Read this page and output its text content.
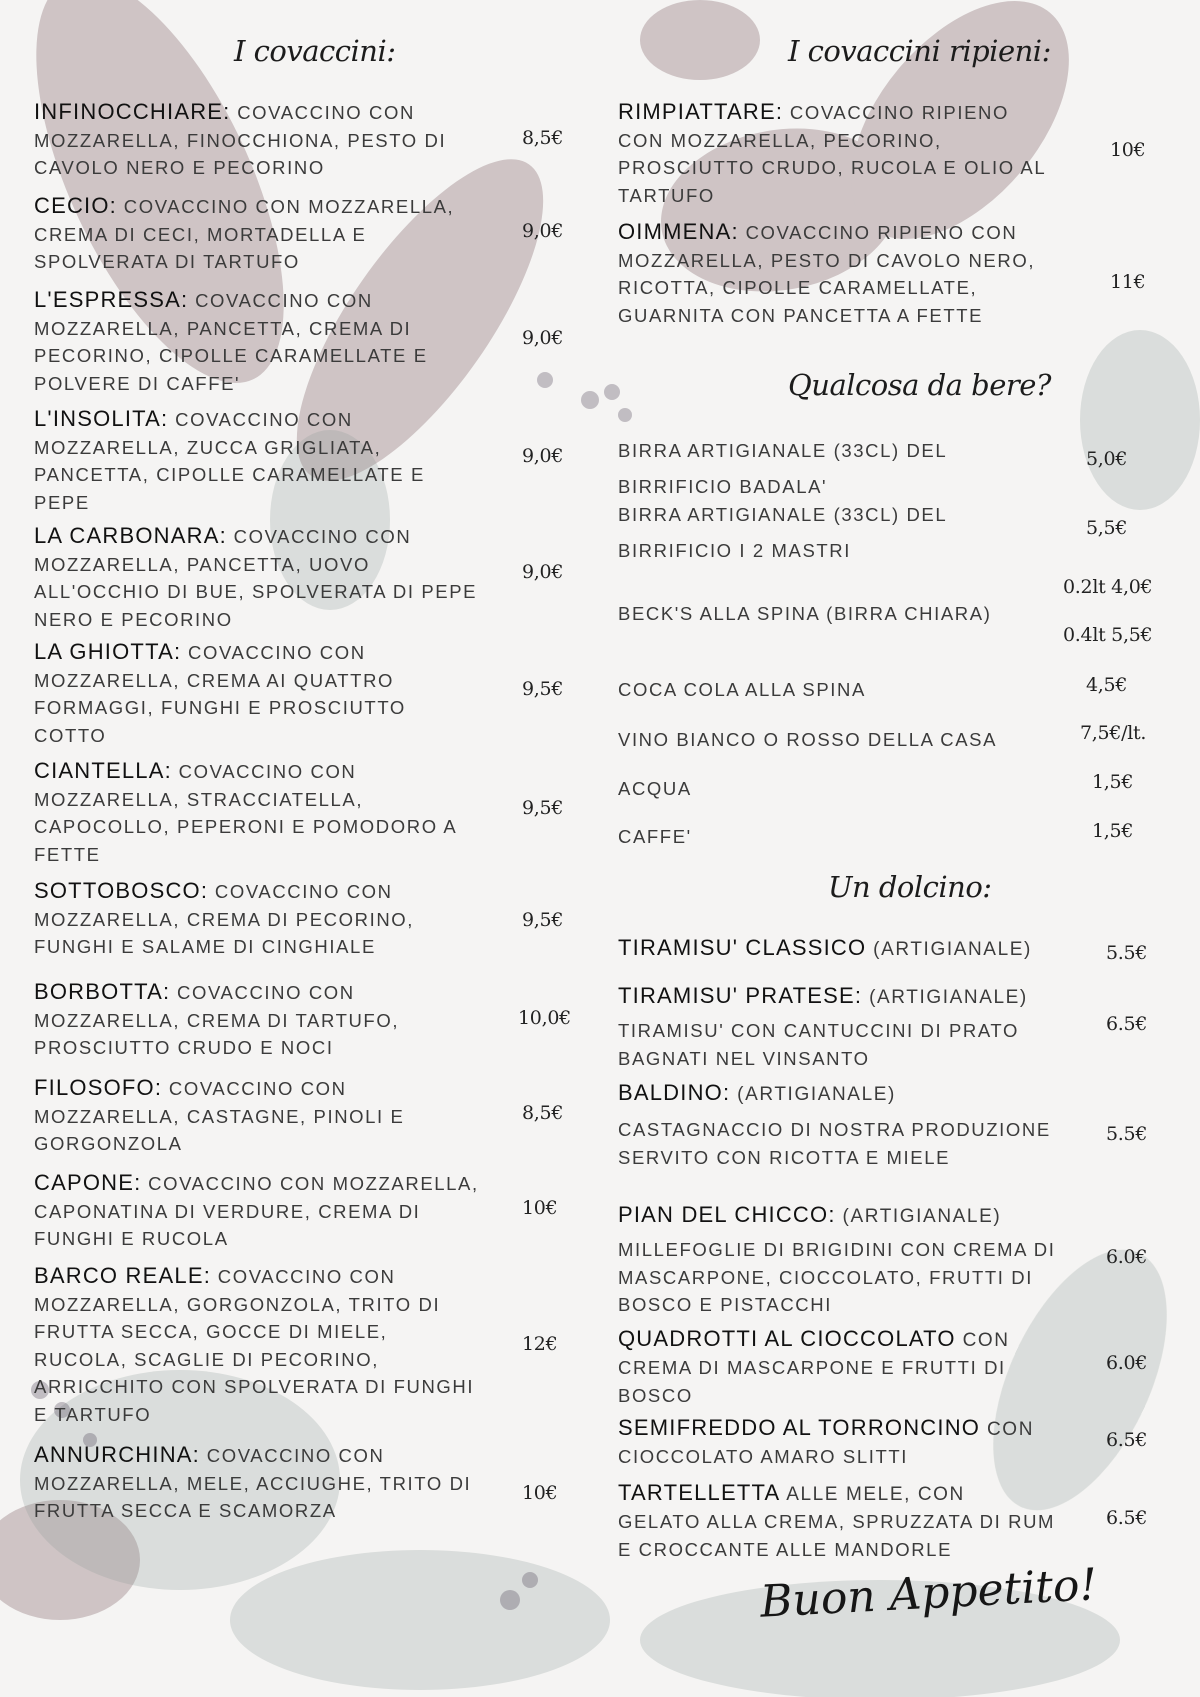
I covaccini:
INFINOCCHIARE: COVACCINO CON MOZZARELLA, FINOCCHIONA, PESTO DI CAVOLO NERO E PECORINO
8,5€
CECIO: COVACCINO CON MOZZARELLA, CREMA DI CECI, MORTADELLA E SPOLVERATA DI TARTUFO
9,0€
L'ESPRESSA: COVACCINO CON MOZZARELLA, PANCETTA, CREMA DI PECORINO, CIPOLLE CARAMELLATE E POLVERE DI CAFFE'
9,0€
L'INSOLITA: COVACCINO CON MOZZARELLA, ZUCCA GRIGLIATA, PANCETTA, CIPOLLE CARAMELLATE E PEPE
9,0€
LA CARBONARA: COVACCINO CON MOZZARELLA, PANCETTA, UOVO ALL'OCCHIO DI BUE, SPOLVERATA DI PEPE NERO E PECORINO
9,0€
LA GHIOTTA: COVACCINO CON MOZZARELLA, CREMA AI QUATTRO FORMAGGI, FUNGHI E PROSCIUTTO COTTO
9,5€
CIANTELLA: COVACCINO CON MOZZARELLA, STRACCIATELLA, CAPOCOLLO, PEPERONI E POMODORO A FETTE
9,5€
SOTTOBOSCO: COVACCINO CON MOZZARELLA, CREMA DI PECORINO, FUNGHI E SALAME DI CINGHIALE
9,5€
BORBOTTA: COVACCINO CON MOZZARELLA, CREMA DI TARTUFO, PROSCIUTTO CRUDO E NOCI
10,0€
FILOSOFO: COVACCINO CON MOZZARELLA, CASTAGNE, PINOLI E GORGONZOLA
8,5€
CAPONE: COVACCINO CON MOZZARELLA, CAPONATINA DI VERDURE, CREMA DI FUNGHI E RUCOLA
10€
BARCO REALE: COVACCINO CON MOZZARELLA, GORGONZOLA, TRITO DI FRUTTA SECCA, GOCCE DI MIELE, RUCOLA, SCAGLIE DI PECORINO, ARRICCHITO CON SPOLVERATA DI FUNGHI E TARTUFO
12€
ANNURCHINA: COVACCINO CON MOZZARELLA, MELE, ACCIUGHE, TRITO DI FRUTTA SECCA E SCAMORZA
10€
I covaccini ripieni:
RIMPIATTARE: COVACCINO RIPIENO CON MOZZARELLA, PECORINO, PROSCIUTTO CRUDO, RUCOLA E OLIO AL TARTUFO
10€
OIMMENA: COVACCINO RIPIENO CON MOZZARELLA, PESTO DI CAVOLO NERO, RICOTTA, CIPOLLE CARAMELLATE, GUARNITA CON PANCETTA A FETTE
11€
Qualcosa da bere?
BIRRA ARTIGIANALE (33CL) DEL
BIRRIFICIO BADALA'
5,0€
BIRRA ARTIGIANALE (33CL) DEL
BIRRIFICIO I 2 MASTRI
5,5€
BECK'S ALLA SPINA (BIRRA CHIARA)
0.2lt 4,0€
0.4lt 5,5€
COCA COLA ALLA SPINA	4,5€
VINO BIANCO O ROSSO DELLA CASA	7,5€/lt.
ACQUA	1,5€
CAFFE'	1,5€
Un dolcino:
TIRAMISU' CLASSICO (ARTIGIANALE)	5.5€
TIRAMISU' PRATESE: (ARTIGIANALE)
TIRAMISU' CON CANTUCCINI DI PRATO BAGNATI NEL VINSANTO
6.5€
BALDINO: (ARTIGIANALE)
CASTAGNACCIO DI NOSTRA PRODUZIONE SERVITO CON RICOTTA E MIELE
5.5€
PIAN DEL CHICCO: (ARTIGIANALE)
MILLEFOGLIE DI BRIGIDINI CON CREMA DI MASCARPONE, CIOCCOLATO, FRUTTI DI BOSCO E PISTACCHI
6.0€
QUADROTTI AL CIOCCOLATO CON
CREMA DI MASCARPONE E FRUTTI DI BOSCO
6.0€
SEMIFREDDO AL TORRONCINO CON
CIOCCOLATO AMARO SLITTI
6.5€
TARTELLETTA ALLE MELE, CON
GELATO ALLA CREMA, SPRUZZATA DI RUM E CROCCANTE ALLE MANDORLE
6.5€
Buon Appetito!
